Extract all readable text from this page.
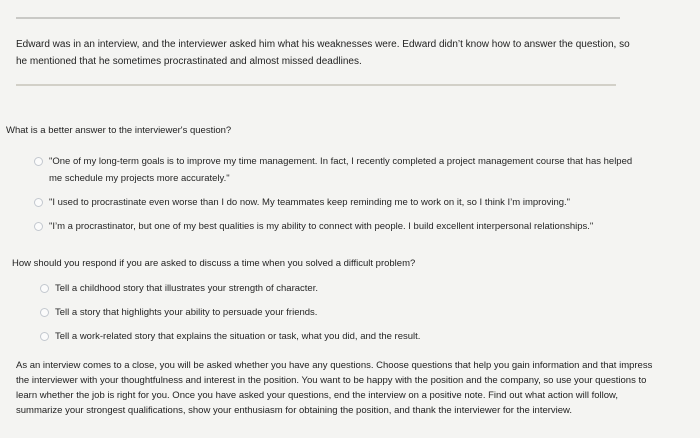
Edward was in an interview, and the interviewer asked him what his weaknesses were. Edward didn’t know how to answer the question, so he mentioned that he sometimes procrastinated and almost missed deadlines.
What is a better answer to the interviewer's question?
"One of my long-term goals is to improve my time management. In fact, I recently completed a project management course that has helped me schedule my projects more accurately."
"I used to procrastinate even worse than I do now. My teammates keep reminding me to work on it, so I think I’m improving."
"I’m a procrastinator, but one of my best qualities is my ability to connect with people. I build excellent interpersonal relationships."
How should you respond if you are asked to discuss a time when you solved a difficult problem?
Tell a childhood story that illustrates your strength of character.
Tell a story that highlights your ability to persuade your friends.
Tell a work-related story that explains the situation or task, what you did, and the result.
As an interview comes to a close, you will be asked whether you have any questions. Choose questions that help you gain information and that impress the interviewer with your thoughtfulness and interest in the position. You want to be happy with the position and the company, so use your questions to learn whether the job is right for you. Once you have asked your questions, end the interview on a positive note. Find out what action will follow, summarize your strongest qualifications, show your enthusiasm for obtaining the position, and thank the interviewer for the interview.
